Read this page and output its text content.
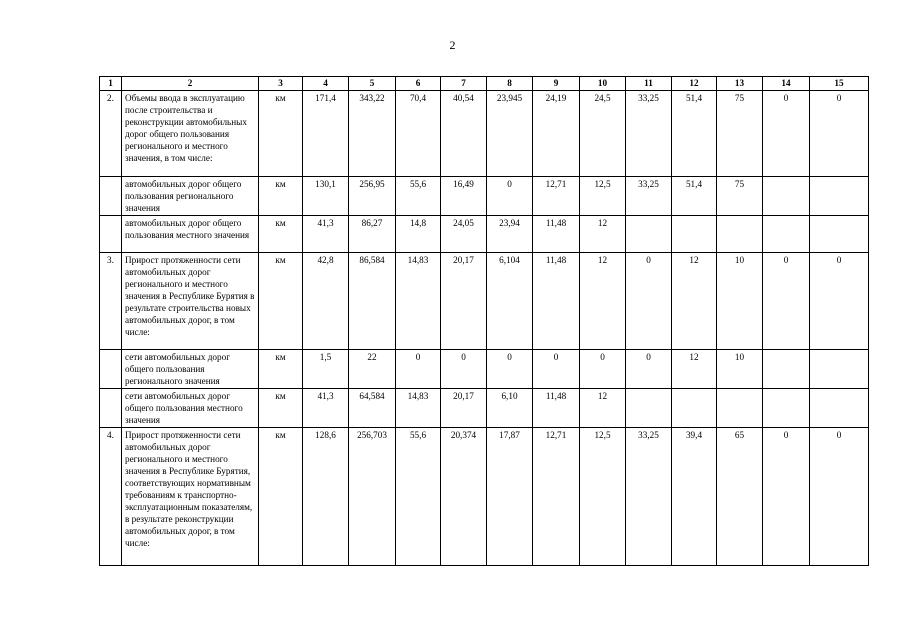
2
1	2	3	4	5	6	7	8	9	10	11	12	13	14	15
2.	Объемы ввода в эксплуатацию после строительства и реконструкции автомобильных дорог общего пользования регионального и местного значения, в том числе:	км	171,4	343,22	70,4	40,54	23,945	24,19	24,5	33,25	51,4	75	0	0
	автомобильных дорог общего пользования регионального значения	км	130,1	256,95	55,6	16,49	0	12,71	12,5	33,25	51,4	75		
	автомобильных дорог общего пользования местного значения	км	41,3	86,27	14,8	24,05	23,94	11,48	12					
3.	Прирост протяженности сети автомобильных дорог регионального и местного значения в Республике Бурятия в результате строительства новых автомобильных дорог, в том числе:	км	42,8	86,584	14,83	20,17	6,104	11,48	12	0	12	10	0	0
	сети автомобильных дорог общего пользования регионального значения	км	1,5	22	0	0	0	0	0	0	12	10		
	сети автомобильных дорог общего пользования местного значения	км	41,3	64,584	14,83	20,17	6,10	11,48	12					
4.	Прирост протяженности сети автомобильных дорог регионального и местного значения в Республике Бурятия, соответствующих нормативным требованиям к транспортно-эксплуатационным показателям, в результате реконструкции автомобильных дорог, в том числе:	км	128,6	256,703	55,6	20,374	17,87	12,71	12,5	33,25	39,4	65	0	0
